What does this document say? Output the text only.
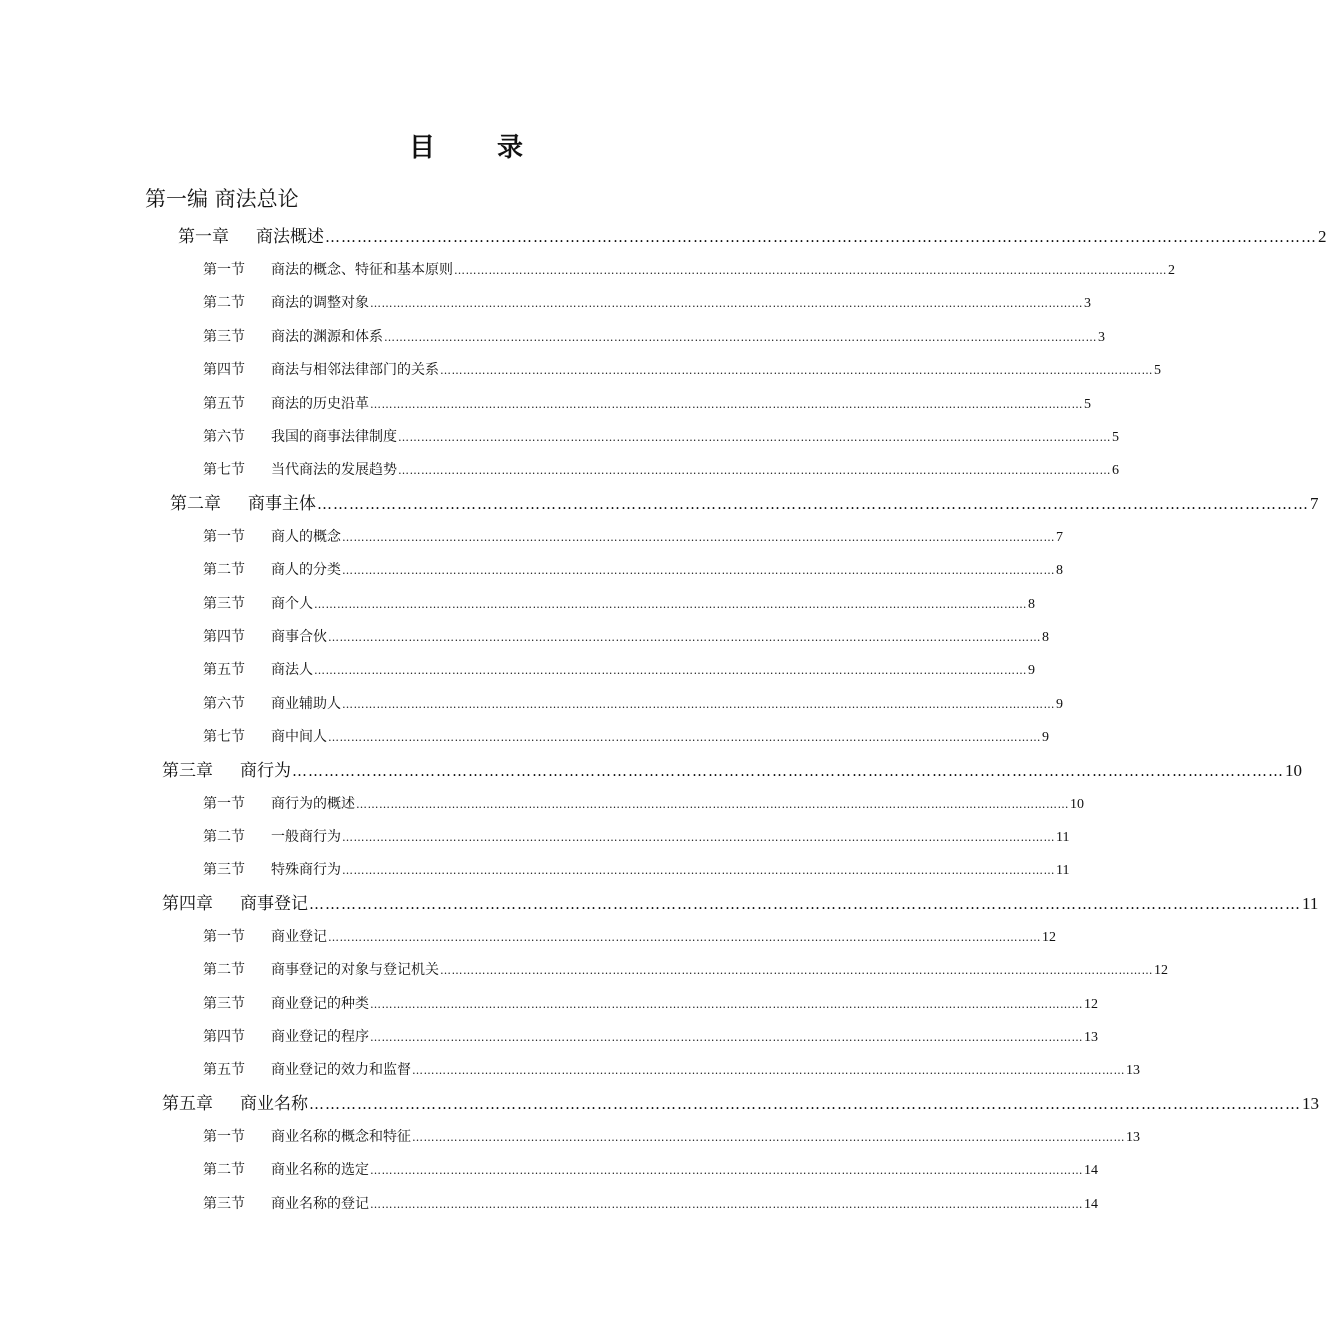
目　录
第一编 商法总论
第一章	商法概述 …………………………………………………………………………………………………………………………………………………………………… 2
第一节	商法的概念、特征和基本原则 …………………………………………………………………………………………………………………………………………………………………… 2
第二节	商法的调整对象 …………………………………………………………………………………………………………………………………………………………………… 3
第三节	商法的渊源和体系 …………………………………………………………………………………………………………………………………………………………………… 3
第四节	商法与相邻法律部门的关系 …………………………………………………………………………………………………………………………………………………………………… 5
第五节	商法的历史沿革 …………………………………………………………………………………………………………………………………………………………………… 5
第六节	我国的商事法律制度 …………………………………………………………………………………………………………………………………………………………………… 5
第七节	当代商法的发展趋势 …………………………………………………………………………………………………………………………………………………………………… 6
第二章	商事主体 …………………………………………………………………………………………………………………………………………………………………… 7
第一节	商人的概念 …………………………………………………………………………………………………………………………………………………………………… 7
第二节	商人的分类 …………………………………………………………………………………………………………………………………………………………………… 8
第三节	商个人 …………………………………………………………………………………………………………………………………………………………………… 8
第四节	商事合伙 …………………………………………………………………………………………………………………………………………………………………… 8
第五节	商法人 …………………………………………………………………………………………………………………………………………………………………… 9
第六节	商业辅助人 …………………………………………………………………………………………………………………………………………………………………… 9
第七节	商中间人 …………………………………………………………………………………………………………………………………………………………………… 9
第三章	商行为 …………………………………………………………………………………………………………………………………………………………………… 10
第一节	商行为的概述 …………………………………………………………………………………………………………………………………………………………………… 10
第二节	一般商行为 …………………………………………………………………………………………………………………………………………………………………… 11
第三节	特殊商行为 …………………………………………………………………………………………………………………………………………………………………… 11
第四章	商事登记 …………………………………………………………………………………………………………………………………………………………………… 11
第一节	商业登记 …………………………………………………………………………………………………………………………………………………………………… 12
第二节	商事登记的对象与登记机关 …………………………………………………………………………………………………………………………………………………………………… 12
第三节	商业登记的种类 …………………………………………………………………………………………………………………………………………………………………… 12
第四节	商业登记的程序 …………………………………………………………………………………………………………………………………………………………………… 13
第五节	商业登记的效力和监督 …………………………………………………………………………………………………………………………………………………………………… 13
第五章	商业名称 …………………………………………………………………………………………………………………………………………………………………… 13
第一节	商业名称的概念和特征 …………………………………………………………………………………………………………………………………………………………………… 13
第二节	商业名称的选定 …………………………………………………………………………………………………………………………………………………………………… 14
第三节	商业名称的登记 …………………………………………………………………………………………………………………………………………………………………… 14
